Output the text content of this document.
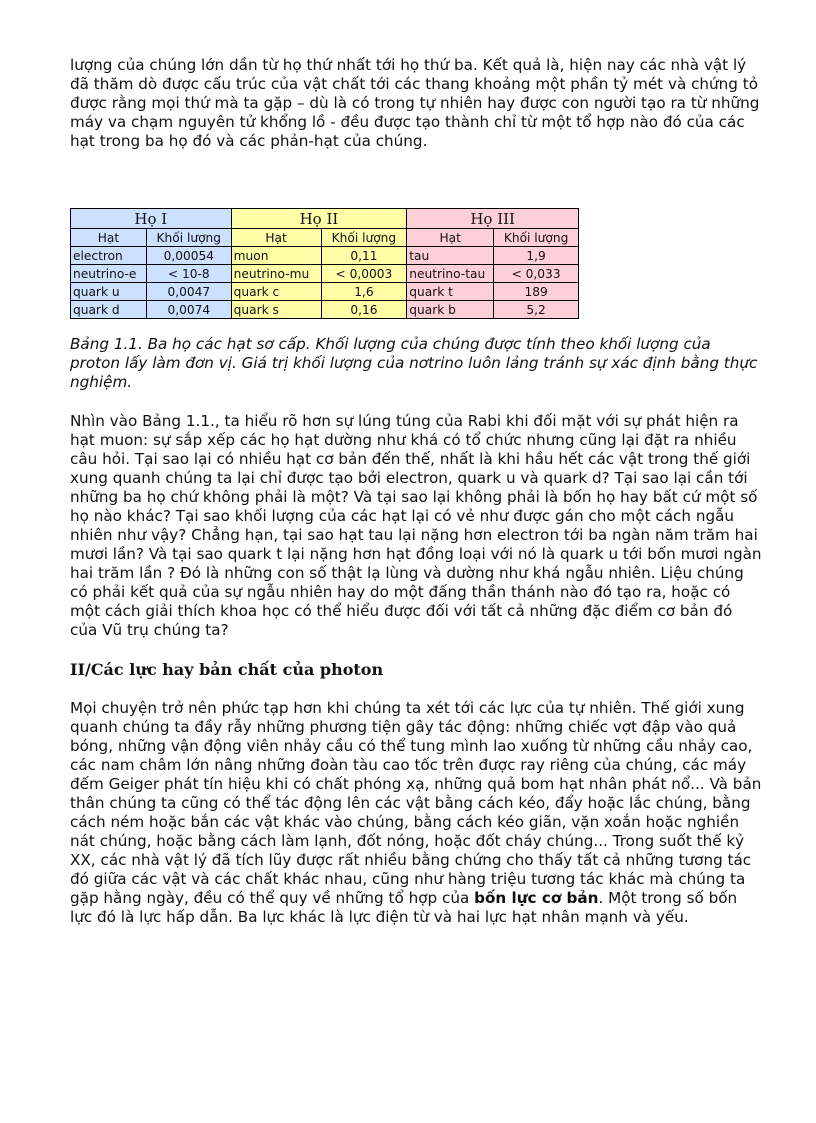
lượng của chúng lớn dần từ họ thứ nhất tới họ thứ ba. Kết quả là, hiện nay các nhà vật lý đã thăm dò được cấu trúc của vật chất tới các thang khoảng một phần tỷ mét và chứng tỏ được rằng mọi thứ mà ta gặp – dù là có trong tự nhiên hay được con người tạo ra từ những máy va chạm nguyên tử khổng lồ - đều được tạo thành chỉ từ một tổ hợp nào đó của các hạt trong ba họ đó và các phản-hạt của chúng.

Họ I		Họ II		Họ III	
Hạt	Khối lượng	Hạt	Khối lượng	Hạt	Khối lượng
electron	0,00054	muon	0,11	tau	1,9
neutrino-e	< 10-8	neutrino-mu	< 0,0003	neutrino-tau	< 0,033
quark u	0,0047	quark c	1,6	quark t	189
quark d	0,0074	quark s	0,16	quark b	5,2

Bảng 1.1. Ba họ các hạt sơ cấp. Khối lượng của chúng được tính theo khối lượng của proton lấy làm đơn vị. Giá trị khối lượng của nơtrino luôn lảng tránh sự xác định bằng thực nghiệm.

Nhìn vào Bảng 1.1., ta hiểu rõ hơn sự lúng túng của Rabi khi đối mặt với sự phát hiện ra hạt muon: sự sắp xếp các họ hạt dường như khá có tổ chức nhưng cũng lại đặt ra nhiều câu hỏi. Tại sao lại có nhiều hạt cơ bản đến thế, nhất là khi hầu hết các vật trong thế giới xung quanh chúng ta lại chỉ được tạo bởi electron, quark u và quark d? Tại sao lại cần tới những ba họ chứ không phải là một? Và tại sao lại không phải là bốn họ hay bất cứ một số họ nào khác? Tại sao khối lượng của các hạt lại có vẻ như được gán cho một cách ngẫu nhiên như vậy? Chẳng hạn, tại sao hạt tau lại nặng hơn electron tới ba ngàn năm trăm hai mươi lần? Và tại sao quark t lại nặng hơn hạt đồng loại với nó là quark u tới bốn mươi ngàn hai trăm lần ? Đó là những con số thật lạ lùng và dường như khá ngẫu nhiên. Liệu chúng có phải kết quả của sự ngẫu nhiên hay do một đấng thần thánh nào đó tạo ra, hoặc có một cách giải thích khoa học có thể hiểu được đối với tất cả những đặc điểm cơ bản đó của Vũ trụ chúng ta?

II/Các lực hay bản chất của photon

Mọi chuyện trở nên phức tạp hơn khi chúng ta xét tới các lực của tự nhiên. Thế giới xung quanh chúng ta đầy rẫy những phương tiện gây tác động: những chiếc vợt đập vào quả bóng, những vận động viên nhảy cầu có thể tung mình lao xuống từ những cầu nhảy cao, các nam châm lớn nâng những đoàn tàu cao tốc trên được ray riêng của chúng, các máy đếm Geiger phát tín hiệu khi có chất phóng xạ, những quả bom hạt nhân phát nổ... Và bản thân chúng ta cũng có thể tác động lên các vật bằng cách kéo, đẩy hoặc lắc chúng, bằng cách ném hoặc bắn các vật khác vào chúng, bằng cách kéo giãn, vặn xoắn hoặc nghiền nát chúng, hoặc bằng cách làm lạnh, đốt nóng, hoặc đốt cháy chúng... Trong suốt thế kỷ XX, các nhà vật lý đã tích lũy được rất nhiều bằng chứng cho thấy tất cả những tương tác đó giữa các vật và các chất khác nhau, cũng như hàng triệu tương tác khác mà chúng ta gặp hằng ngày, đều có thể quy về những tổ hợp của bốn lực cơ bản. Một trong số bốn lực đó là lực hấp dẫn. Ba lực khác là lực điện từ và hai lực hạt nhân mạnh và yếu.
